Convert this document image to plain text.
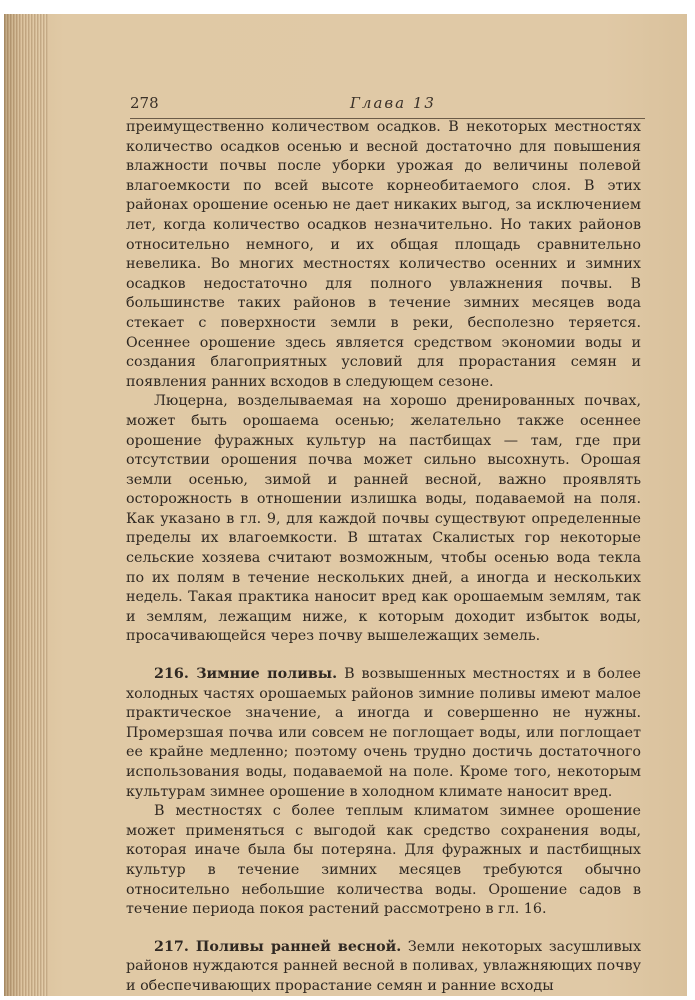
278	Глава 13

преимущественно количеством осадков. В некоторых местностях количество осадков осенью и весной достаточно для повышения влажности почвы после уборки урожая до величины полевой влагоемкости по всей высоте корнеобитаемого слоя. В этих районах орошение осенью не дает никаких выгод, за исключением лет, когда количество осадков незначительно. Но таких районов относительно немного, и их общая площадь сравнительно невелика. Во многих местностях количество осенних и зимних осадков недостаточно для полного увлажнения почвы. В большинстве таких районов в течение зимних месяцев вода стекает с поверхности земли в реки, бесполезно теряется. Осеннее орошение здесь является средством экономии воды и создания благоприятных условий для прорастания семян и появления ранних всходов в следующем сезоне.

Люцерна, возделываемая на хорошо дренированных почвах, может быть орошаема осенью; желательно также осеннее орошение фуражных культур на пастбищах — там, где при отсутствии орошения почва может сильно высохнуть. Орошая земли осенью, зимой и ранней весной, важно проявлять осторожность в отношении излишка воды, подаваемой на поля. Как указано в гл. 9, для каждой почвы существуют определенные пределы их влагоемкости. В штатах Скалистых гор некоторые сельские хозяева считают возможным, чтобы осенью вода текла по их полям в течение нескольких дней, а иногда и нескольких недель. Такая практика наносит вред как орошаемым землям, так и землям, лежащим ниже, к которым доходит избыток воды, просачивающейся через почву вышележащих земель.

216. Зимние поливы. В возвышенных местностях и в более холодных частях орошаемых районов зимние поливы имеют малое практическое значение, а иногда и совершенно не нужны. Промерзшая почва или совсем не поглощает воды, или поглощает ее крайне медленно; поэтому очень трудно достичь достаточного использования воды, подаваемой на поле. Кроме того, некоторым культурам зимнее орошение в холодном климате наносит вред.

В местностях с более теплым климатом зимнее орошение может применяться с выгодой как средство сохранения воды, которая иначе была бы потеряна. Для фуражных и пастбищных культур в течение зимних месяцев требуются обычно относительно небольшие количества воды. Орошение садов в течение периода покоя растений рассмотрено в гл. 16.

217. Поливы ранней весной. Земли некоторых засушливых районов нуждаются ранней весной в поливах, увлажняющих почву и обеспечивающих прорастание семян и ранние всходы
